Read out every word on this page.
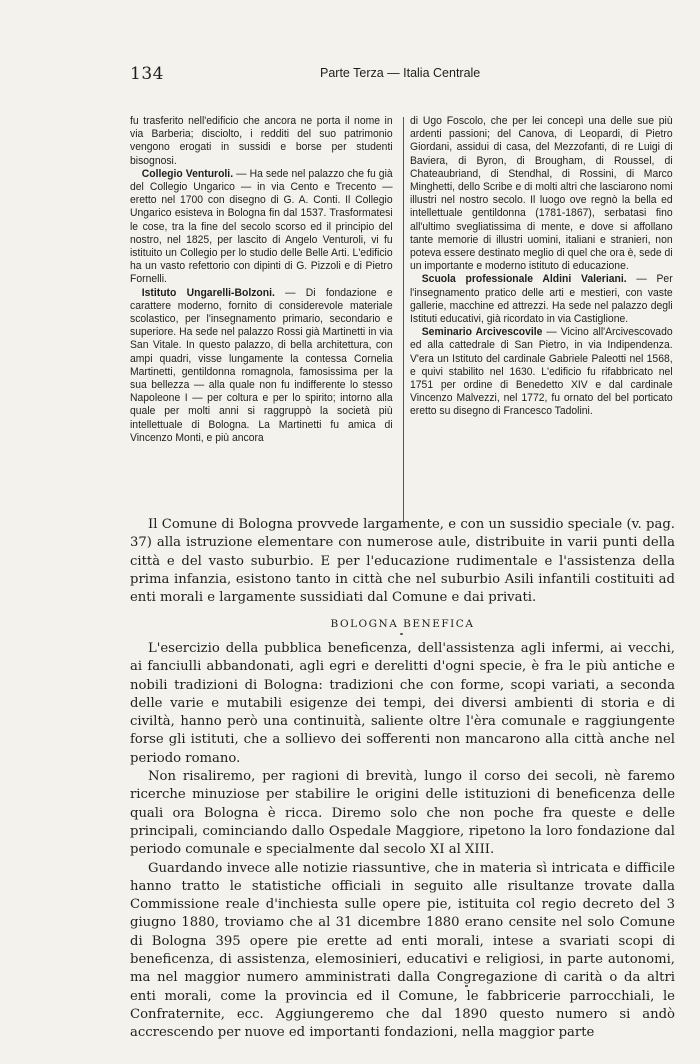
134	Parte Terza — Italia Centrale

fu trasferito nell'edificio che ancora ne porta il nome in via Barberia; disciolto, i redditi del suo patrimonio vengono erogati in sussidi e borse per studenti bisognosi.

Collegio Venturoli. — Ha sede nel palazzo che fu già del Collegio Ungarico — in via Cento e Trecento — eretto nel 1700 con disegno di G. A. Conti. Il Collegio Ungarico esisteva in Bologna fin dal 1537. Trasformatesi le cose, tra la fine del secolo scorso ed il principio del nostro, nel 1825, per lascito di Angelo Venturoli, vi fu istituito un Collegio per lo studio delle Belle Arti. L'edificio ha un vasto refettorio con dipinti di G. Pizzoli e di Pietro Fornelli.

Istituto Ungarelli-Bolzoni. — Di fondazione e carattere moderno, fornito di considerevole materiale scolastico, per l'insegnamento primario, secondario e superiore. Ha sede nel palazzo Rossi già Martinetti in via San Vitale. In questo palazzo, di bella architettura, con ampi quadri, visse lungamente la contessa Cornelia Martinetti, gentildonna romagnola, famosissima per la sua bellezza — alla quale non fu indifferente lo stesso Napoleone I — per coltura e per lo spirito; intorno alla quale per molti anni si raggruppò la società più intellettuale di Bologna. La Martinetti fu amica di Vincenzo Monti, e più ancora

di Ugo Foscolo, che per lei concepì una delle sue più ardenti passioni; del Canova, di Leopardi, di Pietro Giordani, assidui di casa, del Mezzofanti, di re Luigi di Baviera, di Byron, di Brougham, di Roussel, di Chateaubriand, di Stendhal, di Rossini, di Marco Minghetti, dello Scribe e di molti altri che lasciarono nomi illustri nel nostro secolo. Il luogo ove regnò la bella ed intellettuale gentildonna (1781-1867), serbatasi fino all'ultimo svegliatissima di mente, e dove si affollano tante memorie di illustri uomini, italiani e stranieri, non poteva essere destinato meglio di quel che ora è, sede di un importante e moderno istituto di educazione.

Scuola professionale Aldini Valeriani. — Per l'insegnamento pratico delle arti e mestieri, con vaste gallerie, macchine ed attrezzi. Ha sede nel palazzo degli Istituti educativi, già ricordato in via Castiglione.

Seminario Arcivescovile — Vicino all'Arcivescovado ed alla cattedrale di San Pietro, in via Indipendenza. V'era un Istituto del cardinale Gabriele Paleotti nel 1568, e quivi stabilito nel 1630. L'edificio fu rifabbricato nel 1751 per ordine di Benedetto XIV e dal cardinale Vincenzo Malvezzi, nel 1772, fu ornato del bel porticato eretto su disegno di Francesco Tadolini.

Il Comune di Bologna provvede largamente, e con un sussidio speciale (v. pag. 37) alla istruzione elementare con numerose aule, distribuite in varii punti della città e del vasto suburbio. E per l'educazione rudimentale e l'assistenza della prima infanzia, esistono tanto in città che nel suburbio Asili infantili costituiti ad enti morali e largamente sussidiati dal Comune e dai privati.

BOLOGNA BENEFICA

L'esercizio della pubblica beneficenza, dell'assistenza agli infermi, ai vecchi, ai fanciulli abbandonati, agli egri e derelitti d'ogni specie, è fra le più antiche e nobili tradizioni di Bologna: tradizioni che con forme, scopi variati, a seconda delle varie e mutabili esigenze dei tempi, dei diversi ambienti di storia e di civiltà, hanno però una continuità, saliente oltre l'èra comunale e raggiungente forse gli istituti, che a sollievo dei sofferenti non mancarono alla città anche nel periodo romano.

Non risaliremo, per ragioni di brevità, lungo il corso dei secoli, nè faremo ricerche minuziose per stabilire le origini delle istituzioni di beneficenza delle quali ora Bologna è ricca. Diremo solo che non poche fra queste e delle principali, cominciando dallo Ospedale Maggiore, ripetono la loro fondazione dal periodo comunale e specialmente dal secolo XI al XIII.

Guardando invece alle notizie riassuntive, che in materia sì intricata e difficile hanno tratto le statistiche officiali in seguito alle risultanze trovate dalla Commissione reale d'inchiesta sulle opere pie, istituita col regio decreto del 3 giugno 1880, troviamo che al 31 dicembre 1880 erano censite nel solo Comune di Bologna 395 opere pie erette ad enti morali, intese a svariati scopi di beneficenza, di assistenza, elemosinieri, educativi e religiosi, in parte autonomi, ma nel maggior numero amministrati dalla Congregazione di carità o da altri enti morali, come la provincia ed il Comune, le fabbricerie parrocchiali, le Confraternite, ecc. Aggiungeremo che dal 1890 questo numero si andò accrescendo per nuove ed importanti fondazioni, nella maggior parte
